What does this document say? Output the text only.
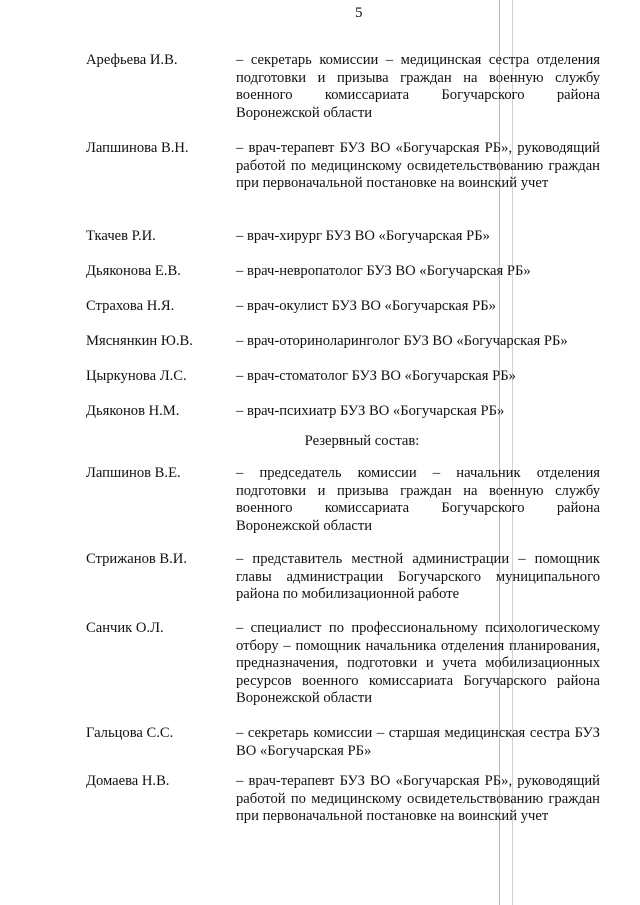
5
Арефьева И.В.	– секретарь комиссии – медицинская сестра отделения подготовки и призыва граждан на военную службу военного комиссариата Богучарского района Воронежской области
Лапшинова В.Н.	– врач-терапевт БУЗ ВО «Богучарская РБ», руководящий работой по медицинскому освидетельствованию граждан при первоначальной постановке на воинский учет
Ткачев Р.И.	– врач-хирург БУЗ ВО «Богучарская РБ»
Дьяконова Е.В.	– врач-невропатолог БУЗ ВО «Богучарская РБ»
Страхова Н.Я.	– врач-окулист БУЗ ВО «Богучарская РБ»
Мяснянкин Ю.В.	– врач-оториноларинголог БУЗ ВО «Богучарская РБ»
Цыркунова Л.С.	– врач-стоматолог БУЗ ВО «Богучарская РБ»
Дьяконов Н.М.	– врач-психиатр БУЗ ВО «Богучарская РБ»
Резервный состав:
Лапшинов В.Е.	– председатель комиссии – начальник отделения подготовки и призыва граждан на военную службу военного комиссариата Богучарского района Воронежской области
Стрижанов В.И.	– представитель местной администрации – помощник главы администрации Богучарского муниципального района по мобилизационной работе
Санчик О.Л.	– специалист по профессиональному психологическому отбору – помощник начальника отделения планирования, предназначения, подготовки и учета мобилизационных ресурсов военного комиссариата Богучарского района Воронежской области
Гальцова С.С.	– секретарь комиссии – старшая медицинская сестра БУЗ ВО «Богучарская РБ»
Домаева Н.В.	– врач-терапевт БУЗ ВО «Богучарская РБ», руководящий работой по медицинскому освидетельствованию граждан при первоначальной постановке на воинский учет
